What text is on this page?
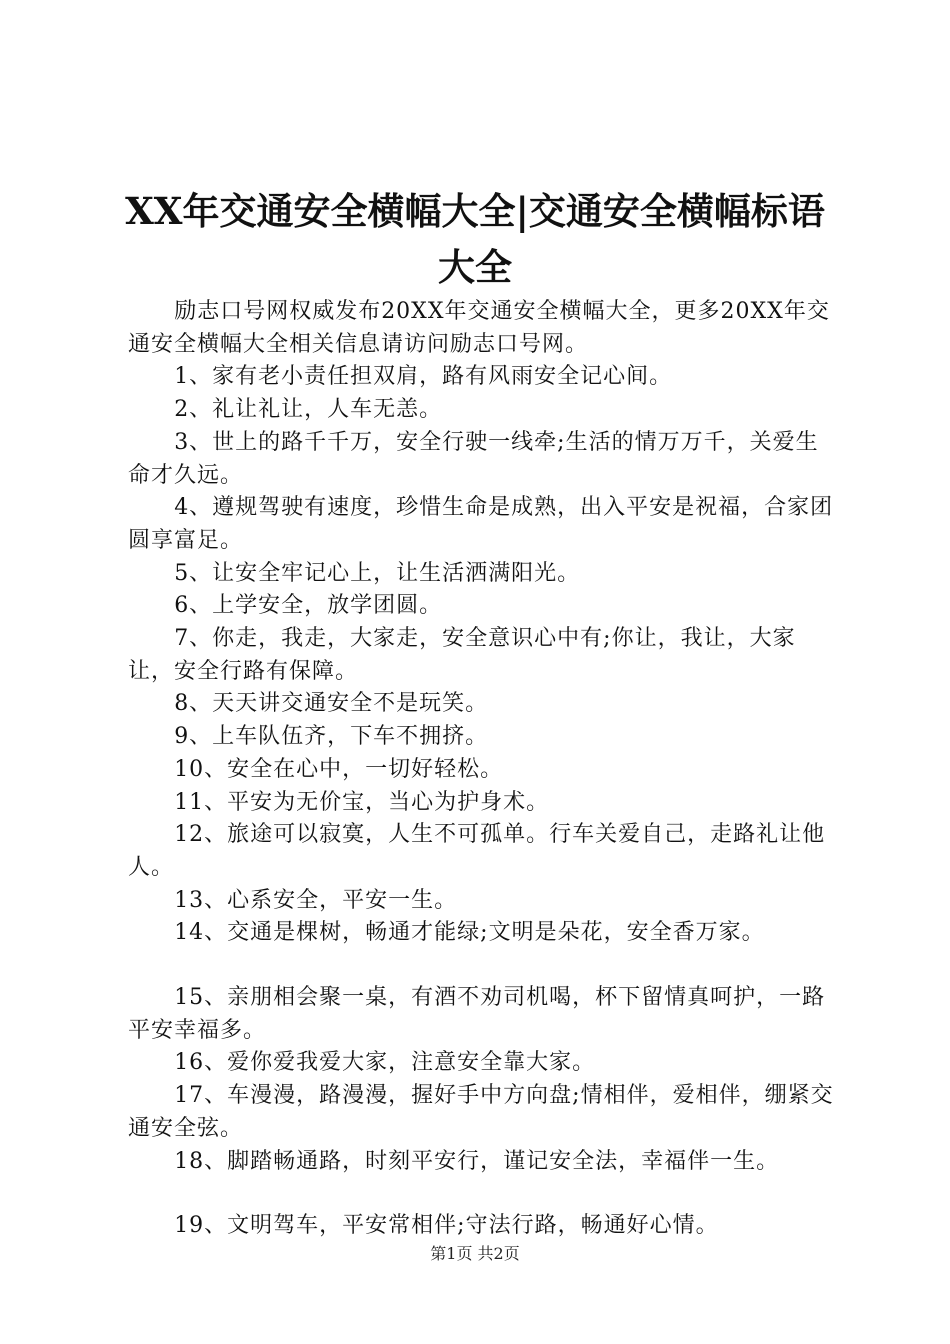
XX年交通安全横幅大全|交通安全横幅标语大全

励志口号网权威发布20XX年交通安全横幅大全，更多20XX年交通安全横幅大全相关信息请访问励志口号网。

1、家有老小责任担双肩，路有风雨安全记心间。

2、礼让礼让，人车无恙。

3、世上的路千千万，安全行驶一线牵;生活的情万万千，关爱生命才久远。

4、遵规驾驶有速度，珍惜生命是成熟，出入平安是祝福，合家团圆享富足。

5、让安全牢记心上，让生活洒满阳光。

6、上学安全，放学团圆。

7、你走，我走，大家走，安全意识心中有;你让，我让，大家让，安全行路有保障。

8、天天讲交通安全不是玩笑。

9、上车队伍齐，下车不拥挤。

10、安全在心中，一切好轻松。

11、平安为无价宝，当心为护身术。

12、旅途可以寂寞，人生不可孤单。行车关爱自己，走路礼让他人。

13、心系安全，平安一生。

14、交通是棵树，畅通才能绿;文明是朵花，安全香万家。

15、亲朋相会聚一桌，有酒不劝司机喝，杯下留情真呵护，一路平安幸福多。

16、爱你爱我爱大家，注意安全靠大家。

17、车漫漫，路漫漫，握好手中方向盘;情相伴，爱相伴，绷紧交通安全弦。

18、脚踏畅通路，时刻平安行，谨记安全法，幸福伴一生。

19、文明驾车，平安常相伴;守法行路，畅通好心情。

第1页 共2页
